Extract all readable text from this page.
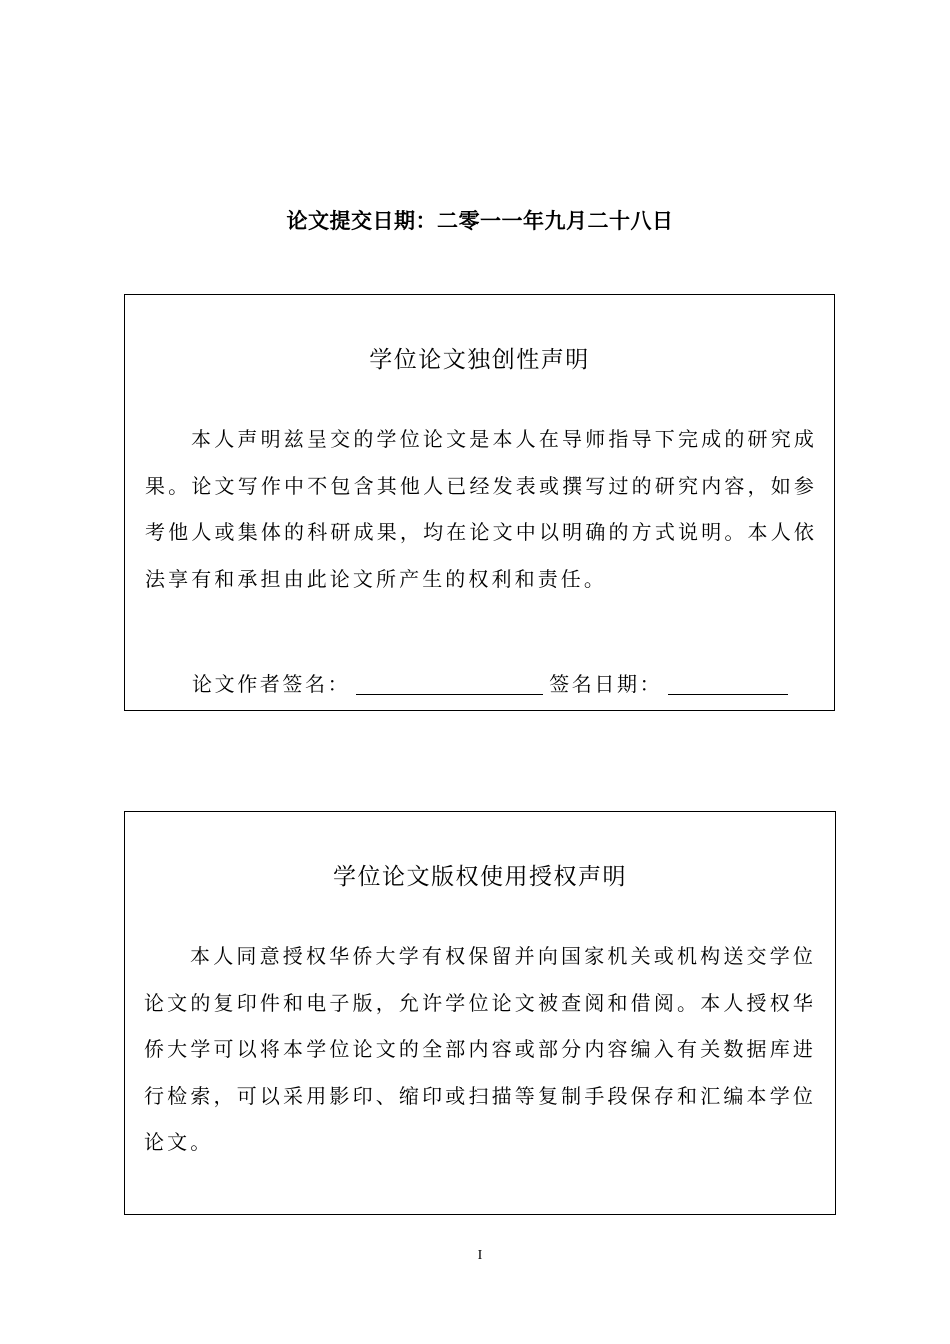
论文提交日期：二零一一年九月二十八日
学位论文独创性声明
本人声明兹呈交的学位论文是本人在导师指导下完成的研究成果。论文写作中不包含其他人已经发表或撰写过的研究内容，如参考他人或集体的科研成果，均在论文中以明确的方式说明。本人依法享有和承担由此论文所产生的权利和责任。
论文作者签名：	签名日期：
学位论文版权使用授权声明
本人同意授权华侨大学有权保留并向国家机关或机构送交学位论文的复印件和电子版，允许学位论文被查阅和借阅。本人授权华侨大学可以将本学位论文的全部内容或部分内容编入有关数据库进行检索，可以采用影印、缩印或扫描等复制手段保存和汇编本学位论文。
I
